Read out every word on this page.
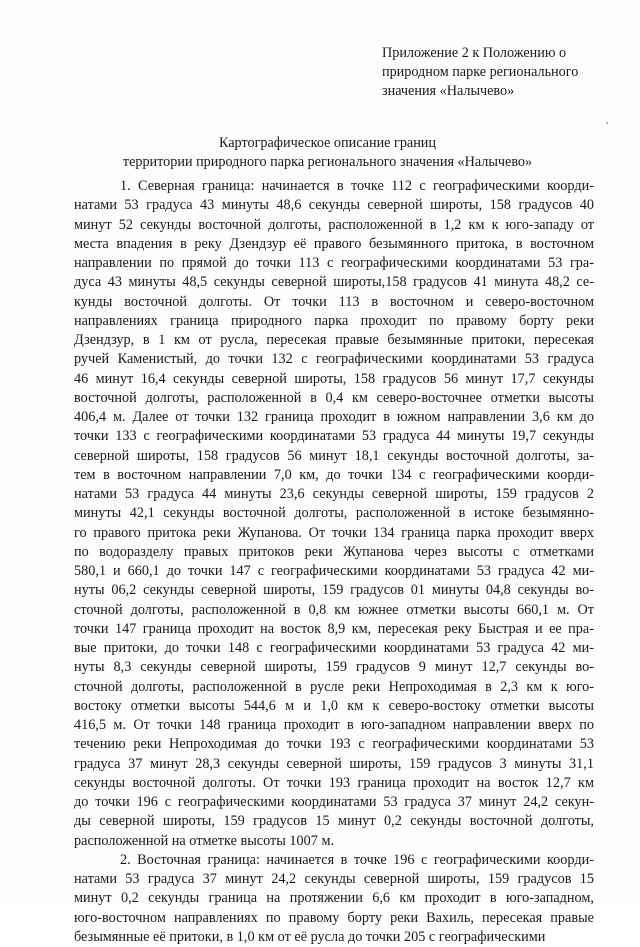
Приложение 2 к Положению о
природном парке регионального
значения «Налычево»
Картографическое описание границ
территории природного парка регионального значения «Налычево»
1. Северная граница: начинается в точке 112 с географическими коорди-
натами 53 градуса 43 минуты 48,6 секунды северной широты, 158 градусов 40
минут 52 секунды восточной долготы, расположенной в 1,2 км к юго-западу от
места впадения в реку Дзендзур её правого безымянного притока, в восточном
направлении по прямой до точки 113 с географическими координатами 53 гра-
дуса 43 минуты 48,5 секунды северной широты,158 градусов 41 минута 48,2 се-
кунды восточной долготы. От точки 113 в восточном и северо-восточном
направлениях граница природного парка проходит по правому борту реки
Дзендзур, в 1 км от русла, пересекая правые безымянные притоки, пересекая
ручей Каменистый, до точки 132 с географическими координатами 53 градуса
46 минут 16,4 секунды северной широты, 158 градусов 56 минут 17,7 секунды
восточной долготы, расположенной в 0,4 км северо-восточнее отметки высоты
406,4 м. Далее от точки 132 граница проходит в южном направлении 3,6 км до
точки 133 с географическими координатами 53 градуса 44 минуты 19,7 секунды
северной широты, 158 градусов 56 минут 18,1 секунды восточной долготы, за-
тем в восточном направлении 7,0 км, до точки 134 с географическими коорди-
натами 53 градуса 44 минуты 23,6 секунды северной широты, 159 градусов 2
минуты 42,1 секунды восточной долготы, расположенной в истоке безымянно-
го правого притока реки Жупанова. От точки 134 граница парка проходит вверх
по водоразделу правых притоков реки Жупанова через высоты с отметками
580,1 и 660,1 до точки 147 с географическими координатами 53 градуса 42 ми-
нуты 06,2 секунды северной широты, 159 градусов 01 минуты 04,8 секунды во-
сточной долготы, расположенной в 0,8 км южнее отметки высоты 660,1 м. От
точки 147 граница проходит на восток 8,9 км, пересекая реку Быстрая и ее пра-
вые притоки, до точки 148 с географическими координатами 53 градуса 42 ми-
нуты 8,3 секунды северной широты, 159 градусов 9 минут 12,7 секунды во-
сточной долготы, расположенной в русле реки Непроходимая в 2,3 км к юго-
востоку отметки высоты 544,6 м и 1,0 км к северо-востоку отметки высоты
416,5 м. От точки 148 граница проходит в юго-западном направлении вверх по
течению реки Непроходимая до точки 193 с географическими координатами 53
градуса 37 минут 28,3 секунды северной широты, 159 градусов 3 минуты 31,1
секунды восточной долготы. От точки 193 граница проходит на восток 12,7 км
до точки 196 с географическими координатами 53 градуса 37 минут 24,2 секун-
ды северной широты, 159 градусов 15 минут 0,2 секунды восточной долготы,
расположенной на отметке высоты 1007 м.
2. Восточная граница: начинается в точке 196 с географическими коорди-
натами 53 градуса 37 минут 24,2 секунды северной широты, 159 градусов 15
минут 0,2 секунды граница на протяжении 6,6 км проходит в юго-западном,
юго-восточном направлениях по правому борту реки Вахиль, пересекая правые
безымянные её притоки, в 1,0 км от её русла до точки 205 с географическими
